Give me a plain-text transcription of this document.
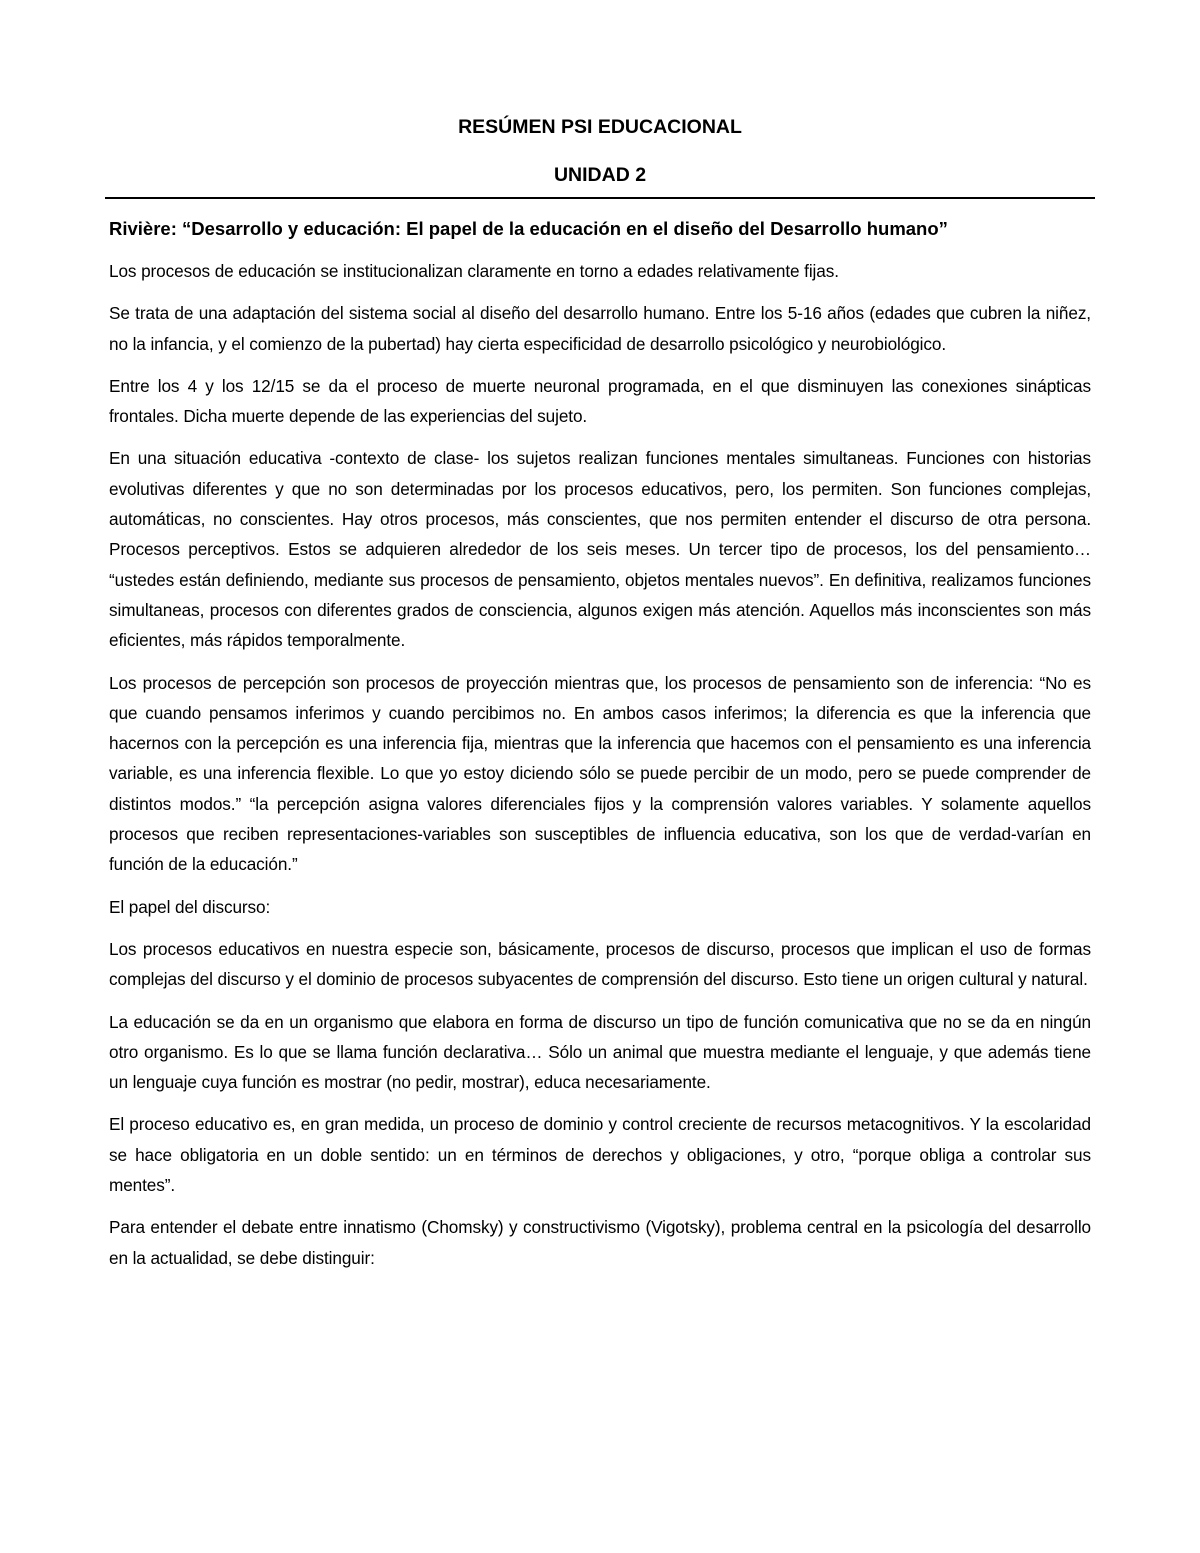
RESÚMEN PSI EDUCACIONAL
UNIDAD 2
Rivière: “Desarrollo y educación: El papel de la educación en el diseño del Desarrollo humano”

Los procesos de educación se institucionalizan claramente en torno a edades relativamente fijas.

Se trata de una adaptación del sistema social al diseño del desarrollo humano. Entre los 5-16 años (edades que cubren la niñez, no la infancia, y el comienzo de la pubertad) hay cierta especificidad de desarrollo psicológico y neurobiológico.

Entre los 4 y los 12/15 se da el proceso de muerte neuronal programada, en el que disminuyen las conexiones sinápticas frontales. Dicha muerte depende de las experiencias del sujeto.

En una situación educativa -contexto de clase- los sujetos realizan funciones mentales simultaneas. Funciones con historias evolutivas diferentes y que no son determinadas por los procesos educativos, pero, los permiten. Son funciones complejas, automáticas, no conscientes. Hay otros procesos, más conscientes, que nos permiten entender el discurso de otra persona. Procesos perceptivos. Estos se adquieren alrededor de los seis meses. Un tercer tipo de procesos, los del pensamiento… “ustedes están definiendo, mediante sus procesos de pensamiento, objetos mentales nuevos”. En definitiva, realizamos funciones simultaneas, procesos con diferentes grados de consciencia, algunos exigen más atención. Aquellos más inconscientes son más eficientes, más rápidos temporalmente.

Los procesos de percepción son procesos de proyección mientras que, los procesos de pensamiento son de inferencia: “No es que cuando pensamos inferimos y cuando percibimos no. En ambos casos inferimos; la diferencia es que la inferencia que hacernos con la percepción es una inferencia fija, mientras que la inferencia que hacemos con el pensamiento es una inferencia variable, es una inferencia flexible. Lo que yo estoy diciendo sólo se puede percibir de un modo, pero se puede comprender de distintos modos.” “la percepción asigna valores diferenciales fijos y la comprensión valores variables. Y solamente aquellos procesos que reciben representaciones-variables son susceptibles de influencia educativa, son los que de verdad-varían en función de la educación.”

El papel del discurso:

Los procesos educativos en nuestra especie son, básicamente, procesos de discurso, procesos que implican el uso de formas complejas del discurso y el dominio de procesos subyacentes de comprensión del discurso. Esto tiene un origen cultural y natural.

La educación se da en un organismo que elabora en forma de discurso un tipo de función comunicativa que no se da en ningún otro organismo. Es lo que se llama función declarativa… Sólo un animal que muestra mediante el lenguaje, y que además tiene un lenguaje cuya función es mostrar (no pedir, mostrar), educa necesariamente.

El proceso educativo es, en gran medida, un proceso de dominio y control creciente de recursos metacognitivos. Y la escolaridad se hace obligatoria en un doble sentido: un en términos de derechos y obligaciones, y otro, “porque obliga a controlar sus mentes”.

Para entender el debate entre innatismo (Chomsky) y constructivismo (Vigotsky), problema central en la psicología del desarrollo en la actualidad, se debe distinguir:
